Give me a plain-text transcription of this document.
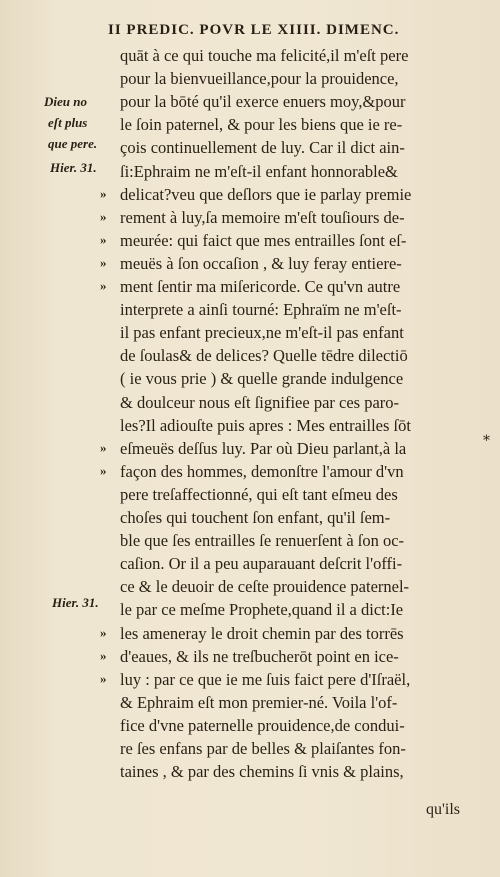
II PREDIC. POVR LE XIIII. DIMENC.
quāt à ce qui touche ma felicité,il m'eſt pere
pour la bienvueillance,pour la prouidence,
pour la bōté qu'il exerce enuers moy,&pour
le ſoin paternel, & pour les biens que ie re-
çois continuellement de luy. Car il dict ain-
ſi:Ephraim ne m'eſt-il enfant honnorable&
delicat?veu que deſlors que ie parlay premie
»
rement à luy,ſa memoire m'eſt touſiours de-
»
meurée: qui faict que mes entrailles ſont eſ-
»
meuës à ſon occaſion , & luy feray entiere-
»
ment ſentir ma miſericorde. Ce qu'vn autre
»
interprete a ainſi tourné: Ephraïm ne m'eſt-
il pas enfant precieux,ne m'eſt-il pas enfant
de ſoulas& de delices? Quelle tēdre dilectiō
( ie vous prie ) & quelle grande indulgence
& doulceur nous eſt ſignifiee par ces paro-
les?Il adiouſte puis apres : Mes entrailles ſōt
eſmeuës deſſus luy. Par où Dieu parlant,à la
»
façon des hommes, demonſtre l'amour d'vn
»
pere treſaffectionné, qui eſt tant eſmeu des
choſes qui touchent ſon enfant, qu'il ſem-
ble que ſes entrailles ſe renuerſent à ſon oc-
caſion. Or il a peu auparauant deſcrit l'offi-
ce & le deuoir de ceſte prouidence paternel-
le par ce meſme Prophete,quand il a dict:Ie
les ameneray le droit chemin par des torrēs
»
d'eaues, & ils ne treſbucherōt point en ice-
»
luy : par ce que ie me ſuis faict pere d'Iſraël,
»
& Ephraim eſt mon premier-né. Voila l'of-
fice d'vne paternelle prouidence,de condui-
re ſes enfans par de belles & plaiſantes fon-
taines , & par des chemins ſi vnis & plains,
Dieu no
eſt plus
que pere.
Hier. 31.
Hier. 31.
*
qu'ils
